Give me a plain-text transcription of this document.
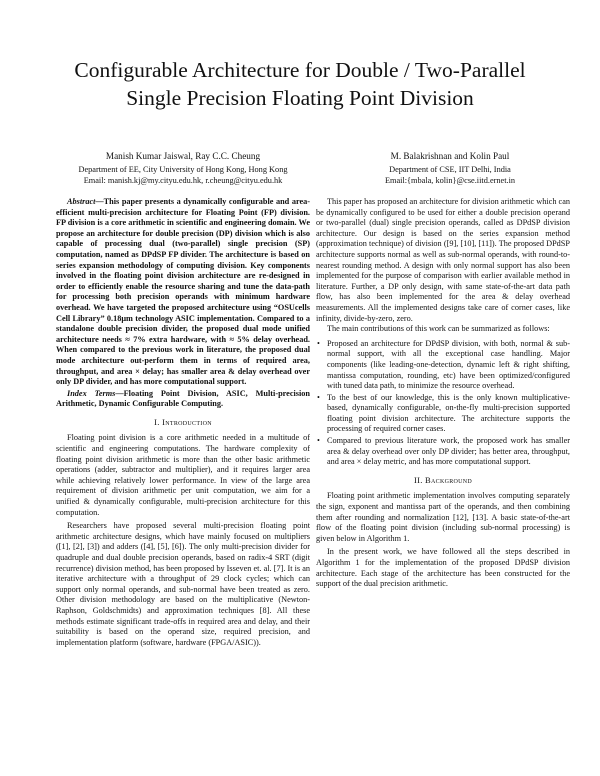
Configurable Architecture for Double / Two-Parallel
Single Precision Floating Point Division
Manish Kumar Jaiswal, Ray C.C. Cheung
Department of EE, City University of Hong Kong, Hong Kong
Email: manish.kj@my.cityu.edu.hk, r.cheung@cityu.edu.hk
M. Balakrishnan and Kolin Paul
Department of CSE, IIT Delhi, India
Email:{mbala, kolin}@cse.iitd.ernet.in

Abstract—This paper presents a dynamically configurable and area-efficient multi-precision architecture for Floating Point (FP) division. FP division is a core arithmetic in scientific and engineering domain. We propose an architecture for double precision (DP) division which is also capable of processing dual (two-parallel) single precision (SP) computation, named as DPdSP FP divider. The architecture is based on series expansion methodology of computing division. Key components involved in the floating point division architecture are re-designed in order to efficiently enable the resource sharing and tune the data-path for processing both precision operands with minimum hardware overhead. We have targeted the proposed architecture using “OSUcells Cell Library” 0.18μm technology ASIC implementation. Compared to a standalone double precision divider, the proposed dual mode unified architecture needs ≈ 7% extra hardware, with ≈ 5% delay overhead. When compared to the previous work in literature, the proposed dual mode architecture out-perform them in terms of required area, throughput, and area × delay; has smaller area & delay overhead over only DP divider, and has more computational support.

Index Terms—Floating Point Division, ASIC, Multi-precision Arithmetic, Dynamic Configurable Computing.

I. Introduction

Floating point division is a core arithmetic needed in a multitude of scientific and engineering computations. The hardware complexity of floating point division arithmetic is more than the other basic arithmetic operations (adder, subtractor and multiplier), and it requires larger area while achieving relatively lower performance. In view of the large area requirement of division arithmetic per unit computation, we aim for a unified & dynamically configurable, multi-precision architecture for this computation.

Researchers have proposed several multi-precision floating point arithmetic architecture designs, which have mainly focused on multipliers ([1], [2], [3]) and adders ([4], [5], [6]). The only multi-precision divider for quadruple and dual double precision operands, based on radix-4 SRT (digit recurrence) division method, has been proposed by Isseven et. al. [7]. It is an iterative architecture with a throughput of 29 clock cycles; which can support only normal operands, and sub-normal have been treated as zero. Other division methodology are based on the multiplicative (Newton-Raphson, Goldschmidts) and approximation techniques [8]. All these methods estimate significant trade-offs in required area and delay, and their suitability is based on the operand size, required precision, and implementation platform (software, hardware (FPGA/ASIC)).

This paper has proposed an architecture for division arithmetic which can be dynamically configured to be used for either a double precision operand or two-parallel (dual) single precision operands, called as DPdSP division architecture. Our design is based on the series expansion method (approximation technique) of division ([9], [10], [11]). The proposed DPdSP architecture supports normal as well as sub-normal operands, with round-to-nearest rounding method. A design with only normal support has also been implemented for the purpose of comparison with earlier available method in literature. Further, a DP only design, with same state-of-the-art data path flow, has also been implemented for the area & delay overhead measurements. All the implemented designs take care of corner cases, like infinity, divide-by-zero, zero.

The main contributions of this work can be summarized as follows:

• Proposed an architecture for DPdSP division, with both, normal & sub-normal support, with all the exceptional case handling. Major components (like leading-one-detection, dynamic left & right shifting, mantissa computation, rounding, etc) have been optimized/configured with tuned data path, to minimize the resource overhead.
• To the best of our knowledge, this is the only known multiplicative-based, dynamically configurable, on-the-fly multi-precision supported floating point division architecture. The architecture supports the processing of required corner cases.
• Compared to previous literature work, the proposed work has smaller area & delay overhead over only DP divider; has better area, throughput, and area × delay metric, and has more computational support.
II. Background

Floating point arithmetic implementation involves computing separately the sign, exponent and mantissa part of the operands, and then combining them after rounding and normalization [12], [13]. A basic state-of-the-art flow of the floating point division (including sub-normal processing) is given below in Algorithm 1.

In the present work, we have followed all the steps described in Algorithm 1 for the implementation of the proposed DPdSP division architecture. Each stage of the architecture has been constructed for the support of the dual precision arithmetic.
